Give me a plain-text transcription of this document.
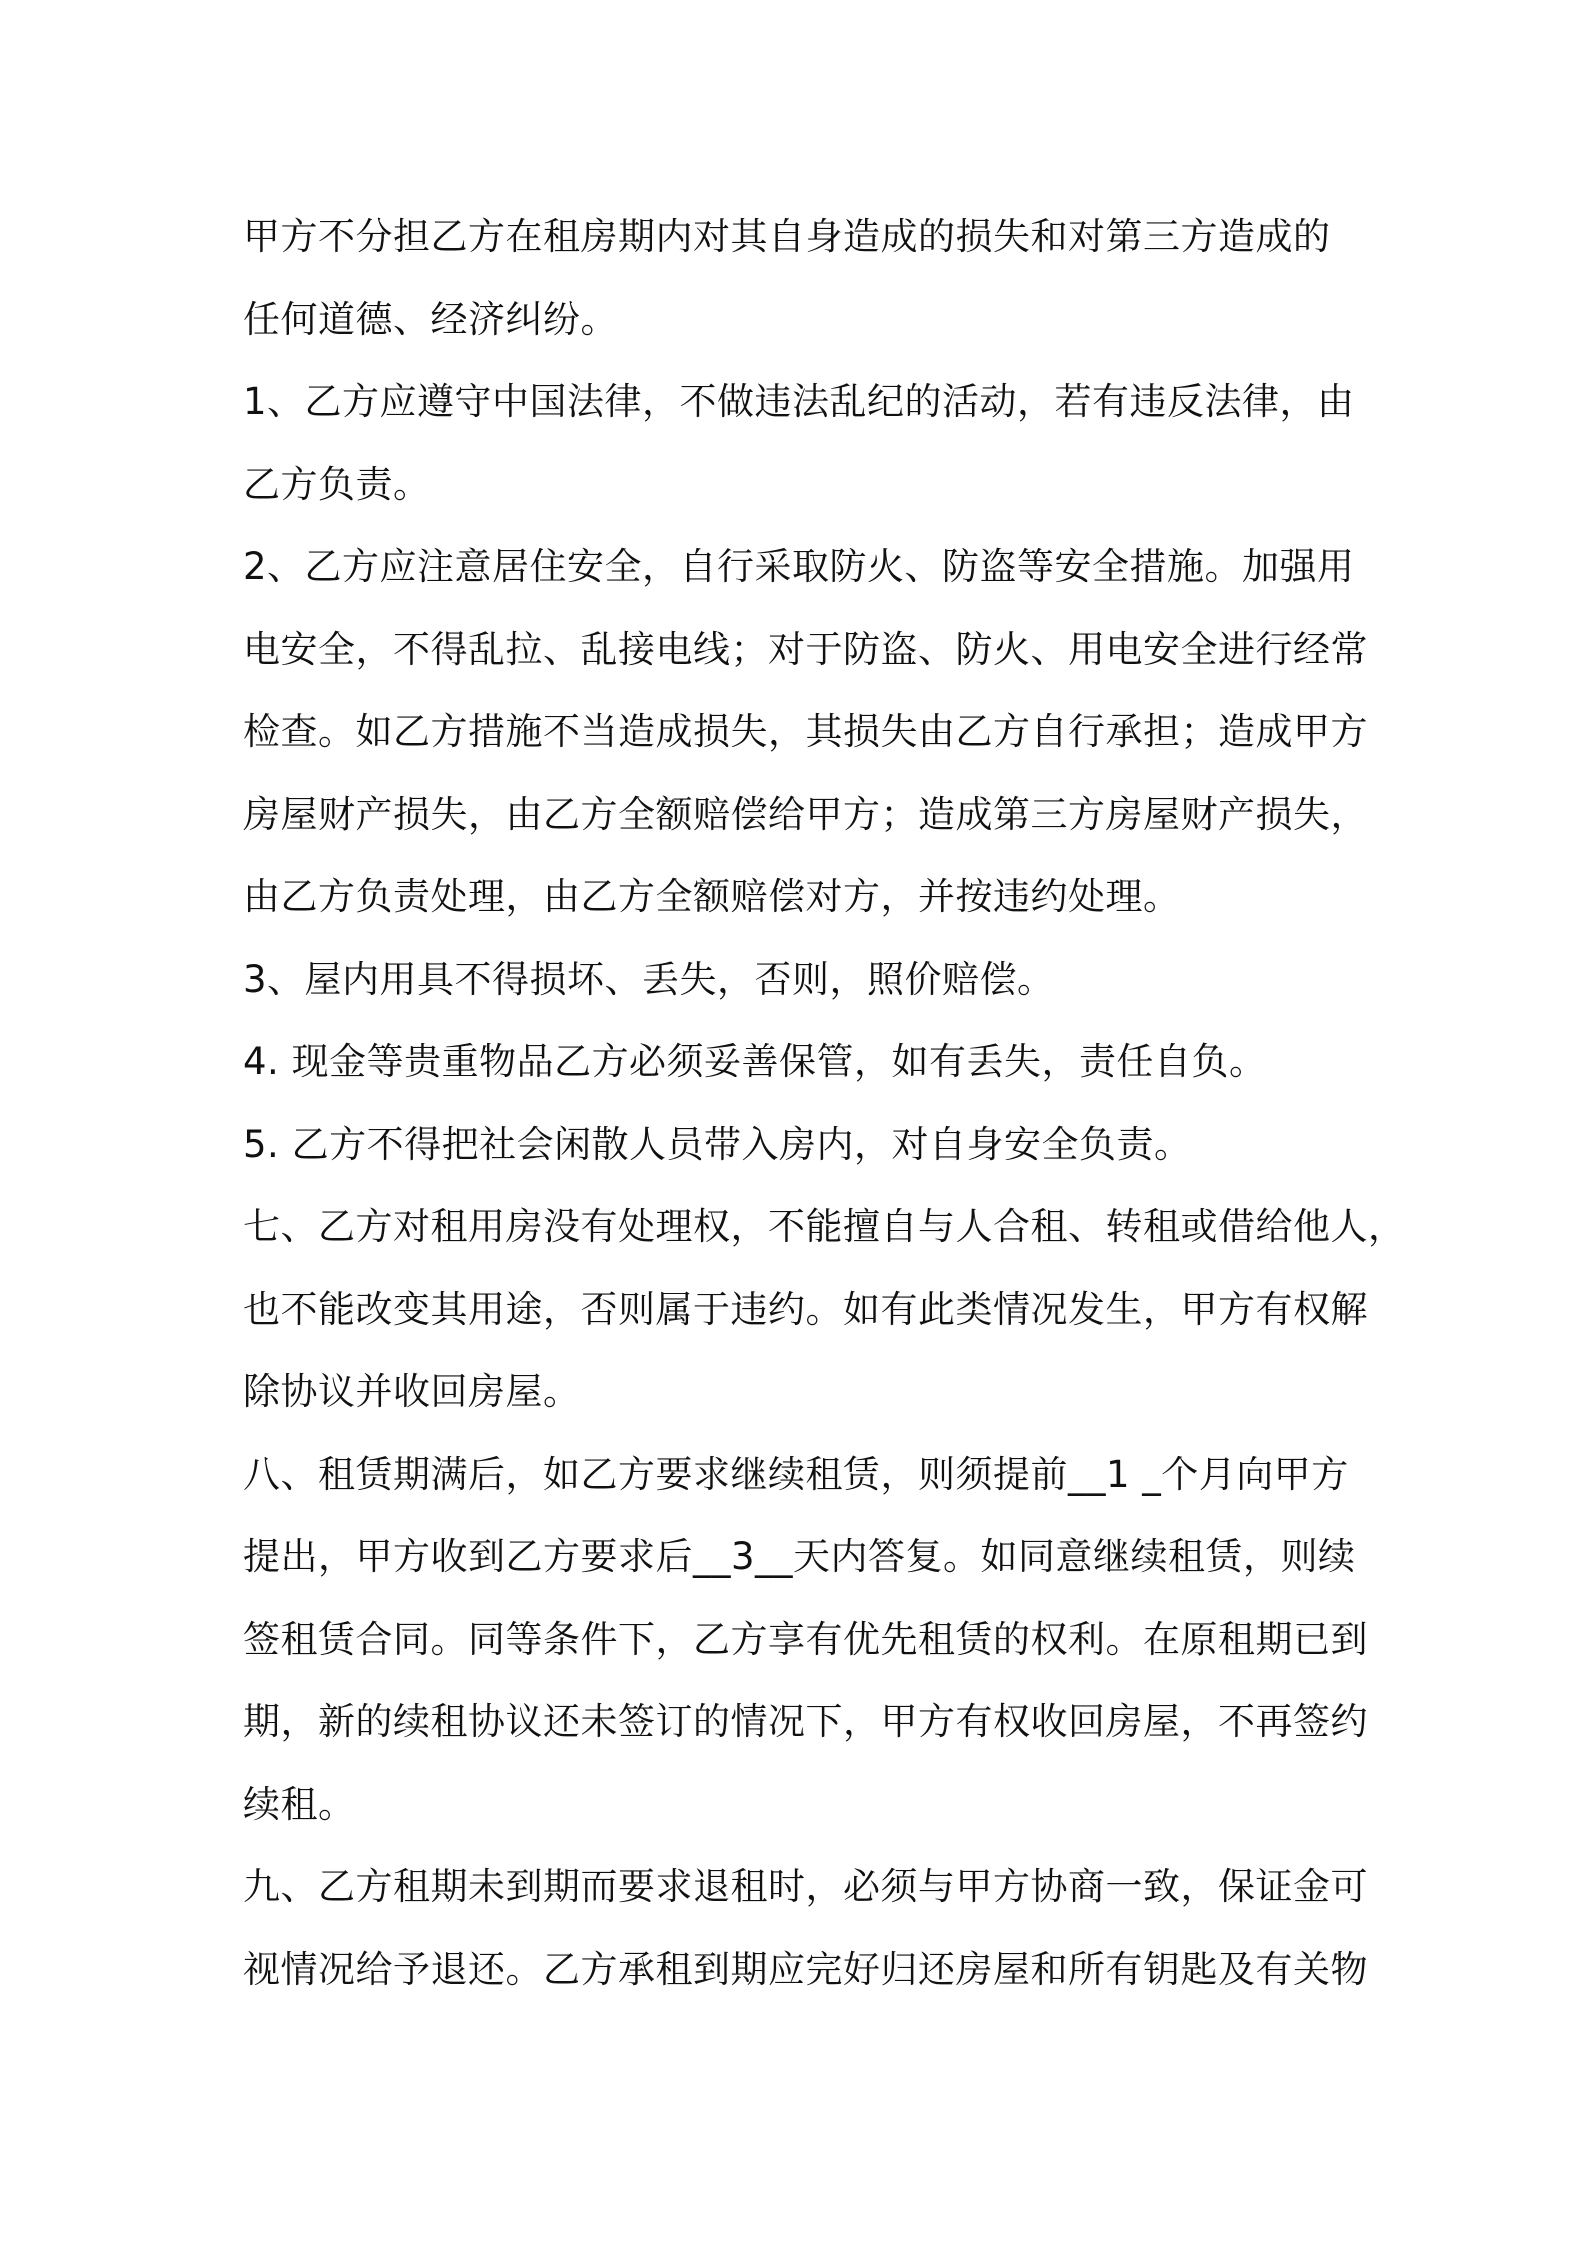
甲方不分担乙方在租房期内对其自身造成的损失和对第三方造成的
任何道德、经济纠纷。
1、乙方应遵守中国法律，不做违法乱纪的活动，若有违反法律，由
乙方负责。
2、乙方应注意居住安全，自行采取防火、防盗等安全措施。加强用
电安全，不得乱拉、乱接电线；对于防盗、防火、用电安全进行经常
检查。如乙方措施不当造成损失，其损失由乙方自行承担；造成甲方
房屋财产损失，由乙方全额赔偿给甲方；造成第三方房屋财产损失，
由乙方负责处理，由乙方全额赔偿对方，并按违约处理。
3、屋内用具不得损坏、丢失，否则，照价赔偿。
4. 现金等贵重物品乙方必须妥善保管，如有丢失，责任自负。
5. 乙方不得把社会闲散人员带入房内，对自身安全负责。
七、乙方对租用房没有处理权，不能擅自与人合租、转租或借给他人，
也不能改变其用途，否则属于违约。如有此类情况发生，甲方有权解
除协议并收回房屋。
八、租赁期满后，如乙方要求继续租赁，则须提前__1 _个月向甲方
提出，甲方收到乙方要求后__3__天内答复。如同意继续租赁，则续
签租赁合同。同等条件下，乙方享有优先租赁的权利。在原租期已到
期，新的续租协议还未签订的情况下，甲方有权收回房屋，不再签约
续租。
九、乙方租期未到期而要求退租时，必须与甲方协商一致，保证金可
视情况给予退还。乙方承租到期应完好归还房屋和所有钥匙及有关物
